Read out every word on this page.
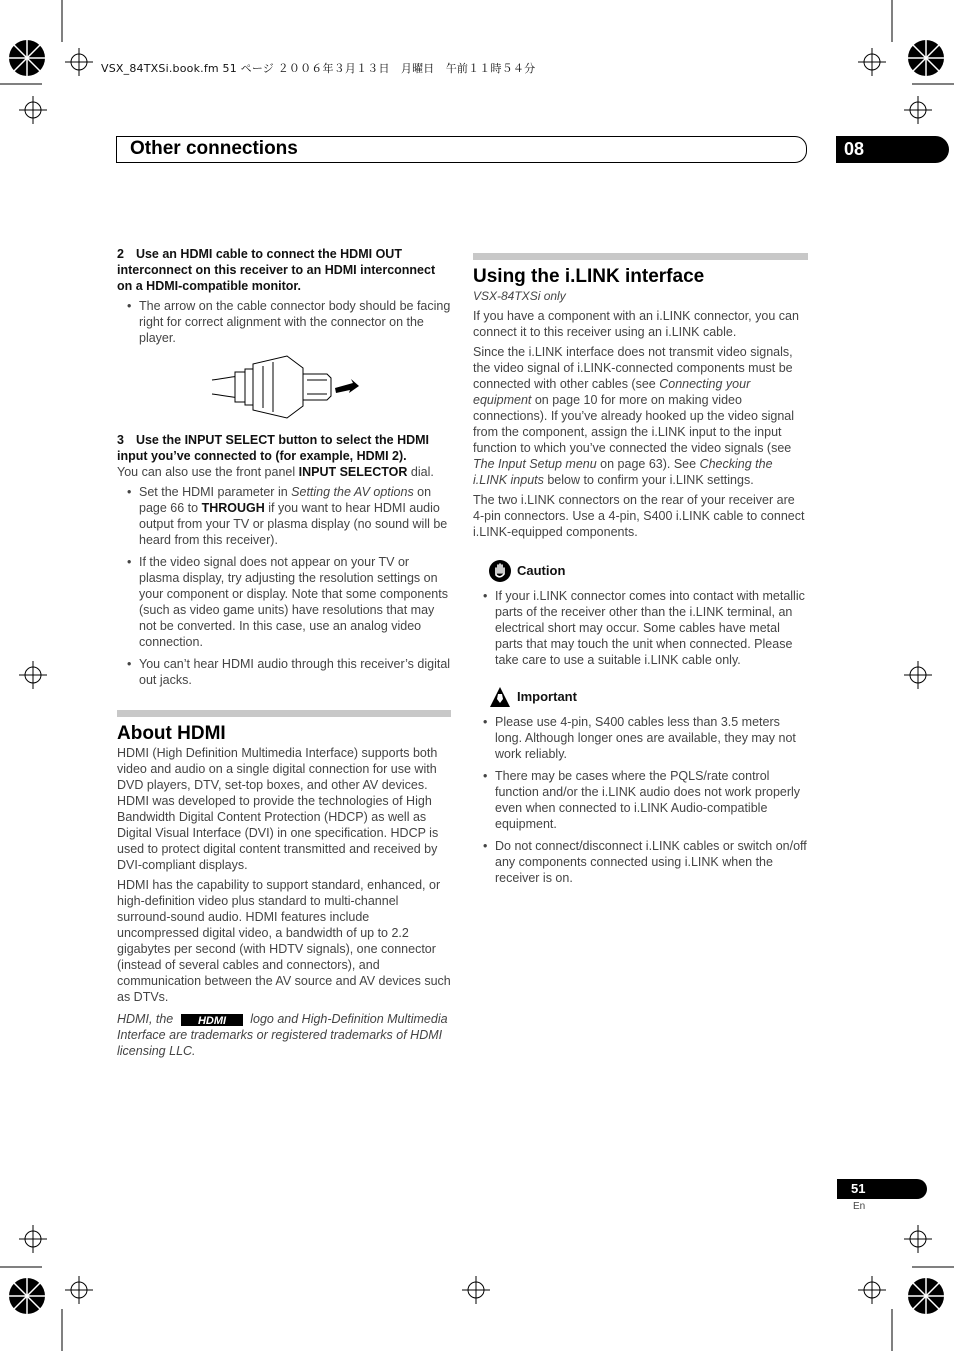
VSX_84TXSi.book.fm 51 ページ ２００６年３月１３日　月曜日　午前１１時５４分
Other connections	08
2 Use an HDMI cable to connect the HDMI OUT interconnect on this receiver to an HDMI interconnect on a HDMI-compatible monitor.
• The arrow on the cable connector body should be facing right for correct alignment with the connector on the player.
3 Use the INPUT SELECT button to select the HDMI input you’ve connected to (for example, HDMI 2).
You can also use the front panel INPUT SELECTOR dial.
• Set the HDMI parameter in Setting the AV options on page 66 to THROUGH if you want to hear HDMI audio output from your TV or plasma display (no sound will be heard from this receiver).
• If the video signal does not appear on your TV or plasma display, try adjusting the resolution settings on your component or display. Note that some components (such as video game units) have resolutions that may not be converted. In this case, use an analog video connection.
• You can’t hear HDMI audio through this receiver’s digital out jacks.
About HDMI
HDMI (High Definition Multimedia Interface) supports both video and audio on a single digital connection for use with DVD players, DTV, set-top boxes, and other AV devices. HDMI was developed to provide the technologies of High Bandwidth Digital Content Protection (HDCP) as well as Digital Visual Interface (DVI) in one specification. HDCP is used to protect digital content transmitted and received by DVI-compliant displays.
HDMI has the capability to support standard, enhanced, or high-definition video plus standard to multi-channel surround-sound audio. HDMI features include uncompressed digital video, a bandwidth of up to 2.2 gigabytes per second (with HDTV signals), one connector (instead of several cables and connectors), and communication between the AV source and AV devices such as DTVs.
HDMI, the HDMI logo and High-Definition Multimedia Interface are trademarks or registered trademarks of HDMI licensing LLC.
Using the i.LINK interface
VSX-84TXSi only
If you have a component with an i.LINK connector, you can connect it to this receiver using an i.LINK cable.
Since the i.LINK interface does not transmit video signals, the video signal of i.LINK-connected components must be connected with other cables (see Connecting your equipment on page 10 for more on making video connections). If you’ve already hooked up the video signal from the component, assign the i.LINK input to the input function to which you’ve connected the video signals (see The Input Setup menu on page 63). See Checking the i.LINK inputs below to confirm your i.LINK settings.
The two i.LINK connectors on the rear of your receiver are 4-pin connectors. Use a 4-pin, S400 i.LINK cable to connect i.LINK-equipped components.
Caution
• If your i.LINK connector comes into contact with metallic parts of the receiver other than the i.LINK terminal, an electrical short may occur. Some cables have metal parts that may touch the unit when connected. Please take care to use a suitable i.LINK cable only.
Important
• Please use 4-pin, S400 cables less than 3.5 meters long. Although longer ones are available, they may not work reliably.
• There may be cases where the PQLS/rate control function and/or the i.LINK audio does not work properly even when connected to i.LINK Audio-compatible equipment.
• Do not connect/disconnect i.LINK cables or switch on/off any components connected using i.LINK when the receiver is on.
51
En
